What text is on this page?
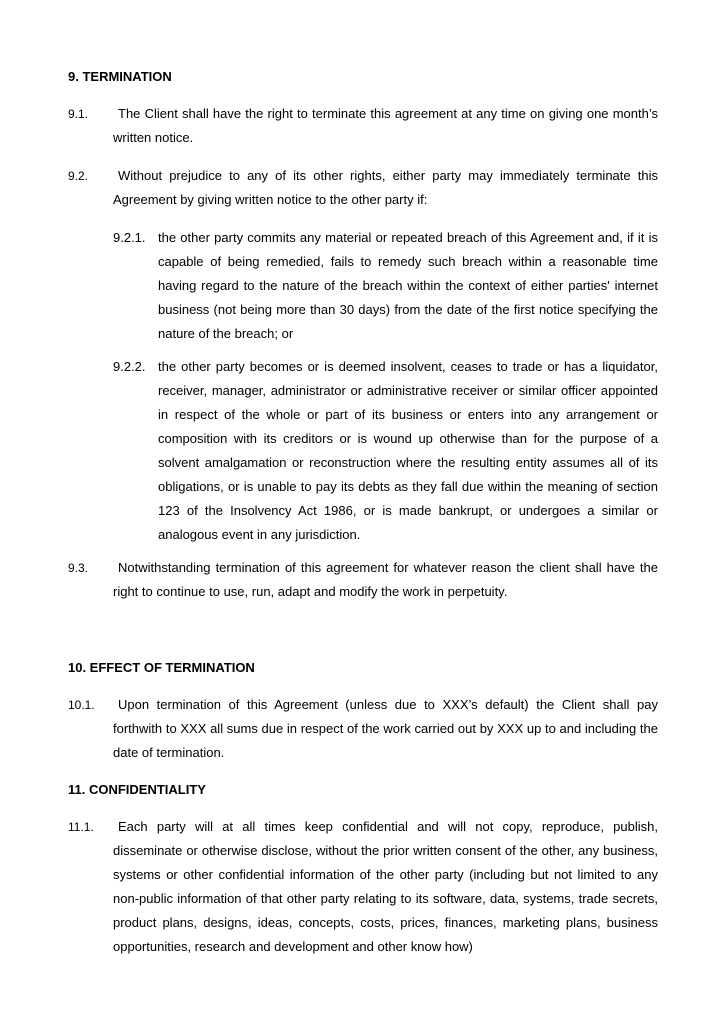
9. TERMINATION
9.1.	The Client shall have the right to terminate this agreement at any time on giving one month’s written notice.

9.2.	Without prejudice to any of its other rights, either party may immediately terminate this Agreement by giving written notice to the other party if:

9.2.1. the other party commits any material or repeated breach of this Agreement and, if it is capable of being remedied, fails to remedy such breach within a reasonable time having regard to the nature of the breach within the context of either parties' internet business (not being more than 30 days) from the date of the first notice specifying the nature of the breach; or

9.2.2. the other party becomes or is deemed insolvent, ceases to trade or has a liquidator, receiver, manager, administrator or administrative receiver or similar officer appointed in respect of the whole or part of its business or enters into any arrangement or composition with its creditors or is wound up otherwise than for the purpose of a solvent amalgamation or reconstruction where the resulting entity assumes all of its obligations, or is unable to pay its debts as they fall due within the meaning of section 123 of the Insolvency Act 1986, or is made bankrupt, or undergoes a similar or analogous event in any jurisdiction.

9.3.	Notwithstanding termination of this agreement for whatever reason the client shall have the right to continue to use, run, adapt and modify the work in perpetuity.

10. EFFECT OF TERMINATION
10.1.	Upon termination of this Agreement (unless due to XXX’s default) the Client shall pay forthwith to XXX all sums due in respect of the work carried out by XXX up to and including the date of termination.

11. CONFIDENTIALITY
11.1.	Each party will at all times keep confidential and will not copy, reproduce, publish, disseminate or otherwise disclose, without the prior written consent of the other, any business, systems or other confidential information of the other party (including but not limited to any non-public information of that other party relating to its software, data, systems, trade secrets, product plans, designs, ideas, concepts, costs, prices, finances, marketing plans, business opportunities, research and development and other know how)
